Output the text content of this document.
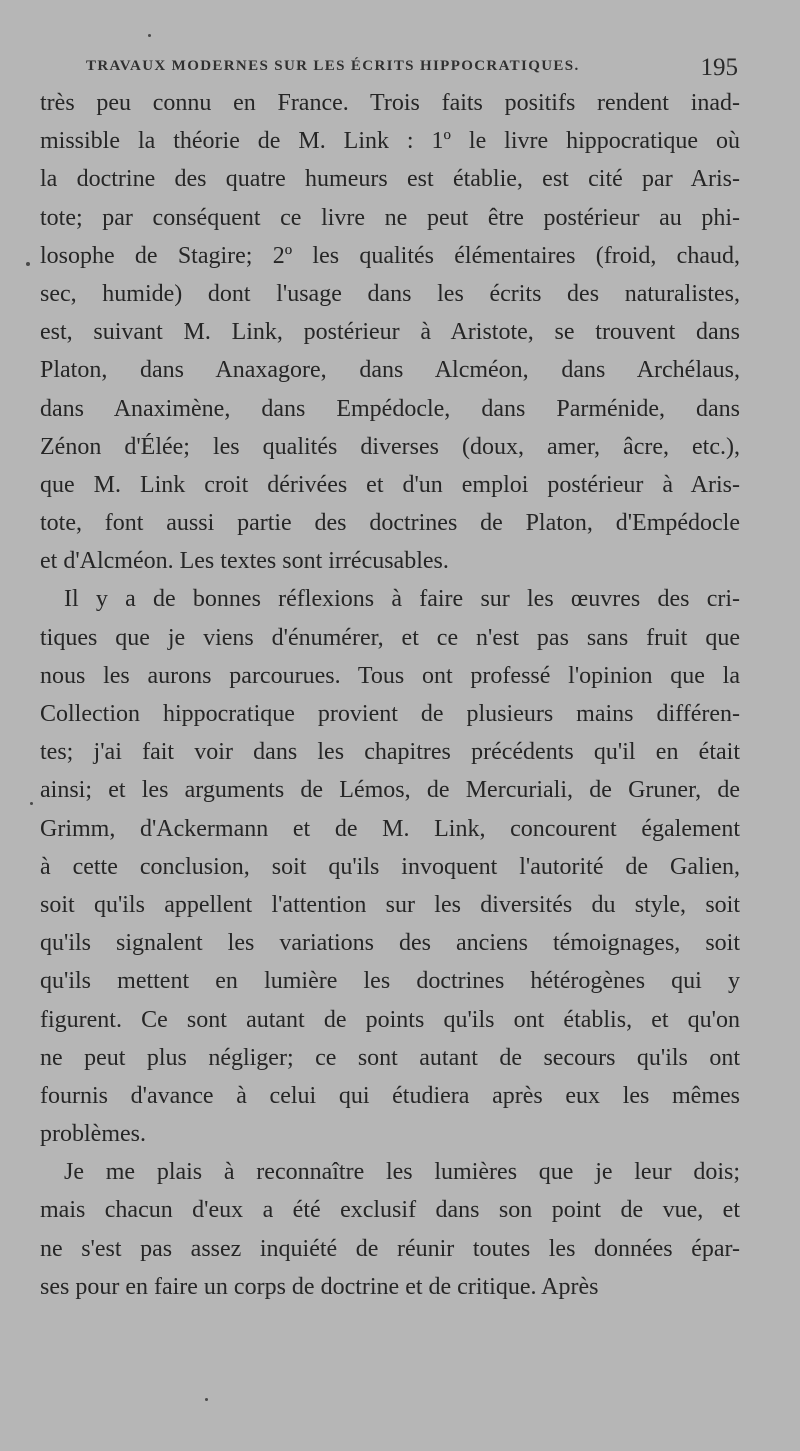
TRAVAUX MODERNES SUR LES ÉCRITS HIPPOCRATIQUES.	195
très peu connu en France. Trois faits positifs rendent inad-
missible la théorie de M. Link : 1º le livre hippocratique où
la doctrine des quatre humeurs est établie, est cité par Aris-
tote; par conséquent ce livre ne peut être postérieur au phi-
losophe de Stagire; 2º les qualités élémentaires (froid, chaud,
sec, humide) dont l'usage dans les écrits des naturalistes,
est, suivant M. Link, postérieur à Aristote, se trouvent dans
Platon, dans Anaxagore, dans Alcméon, dans Archélaus,
dans Anaximène, dans Empédocle, dans Parménide, dans
Zénon d'Élée; les qualités diverses (doux, amer, âcre, etc.),
que M. Link croit dérivées et d'un emploi postérieur à Aris-
tote, font aussi partie des doctrines de Platon, d'Empédocle
et d'Alcméon. Les textes sont irrécusables.
Il y a de bonnes réflexions à faire sur les œuvres des cri-
tiques que je viens d'énumérer, et ce n'est pas sans fruit que
nous les aurons parcourues. Tous ont professé l'opinion que la
Collection hippocratique provient de plusieurs mains différen-
tes; j'ai fait voir dans les chapitres précédents qu'il en était
ainsi; et les arguments de Lémos, de Mercuriali, de Gruner, de
Grimm, d'Ackermann et de M. Link, concourent également
à cette conclusion, soit qu'ils invoquent l'autorité de Galien,
soit qu'ils appellent l'attention sur les diversités du style, soit
qu'ils signalent les variations des anciens témoignages, soit
qu'ils mettent en lumière les doctrines hétérogènes qui y
figurent. Ce sont autant de points qu'ils ont établis, et qu'on
ne peut plus négliger; ce sont autant de secours qu'ils ont
fournis d'avance à celui qui étudiera après eux les mêmes
problèmes.
Je me plais à reconnaître les lumières que je leur dois;
mais chacun d'eux a été exclusif dans son point de vue, et
ne s'est pas assez inquiété de réunir toutes les données épar-
ses pour en faire un corps de doctrine et de critique. Après
